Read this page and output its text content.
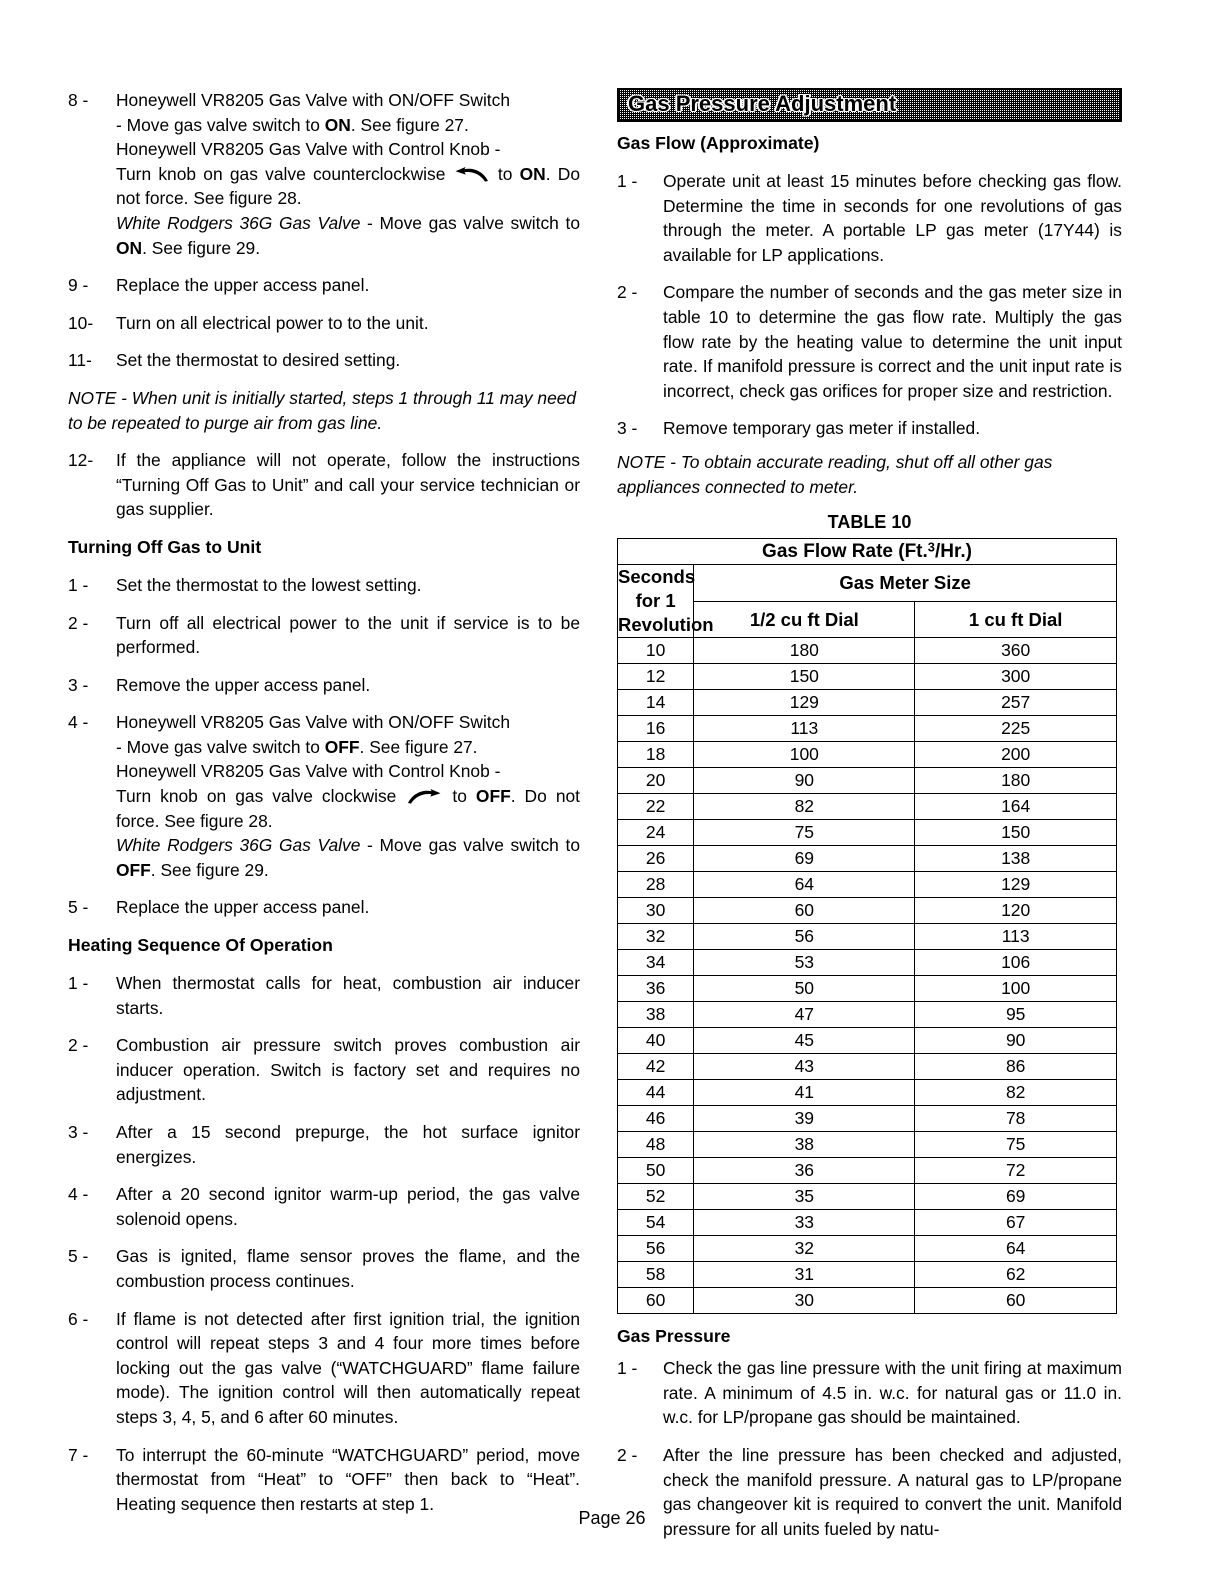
8 -	Honeywell VR8205 Gas Valve with ON/OFF Switch
- Move gas valve switch to ON. See figure 27.
Honeywell VR8205 Gas Valve with Control Knob -
Turn knob on gas valve counterclockwise
to ON. Do not force. See figure 28.
White Rodgers 36G Gas Valve - Move gas valve switch to ON. See figure 29.
9 -	Replace the upper access panel.
10-	Turn on all electrical power to to the unit.
11-	Set the thermostat to desired setting.

NOTE - When unit is initially started, steps 1 through 11 may need to be repeated to purge air from gas line.

12-	If the appliance will not operate, follow the instructions “Turning Off Gas to Unit” and call your service technician or gas supplier.
Turning Off Gas to Unit
1 -	Set the thermostat to the lowest setting.
2 -	Turn off all electrical power to the unit if service is to be performed.
3 -	Remove the upper access panel.
4 -	Honeywell VR8205 Gas Valve with ON/OFF Switch
- Move gas valve switch to OFF. See figure 27.
Honeywell VR8205 Gas Valve with Control Knob -
Turn knob on gas valve clockwise
to OFF. Do not force. See figure 28.
White Rodgers 36G Gas Valve - Move gas valve switch to OFF. See figure 29.
5 -	Replace the upper access panel.
Heating Sequence Of Operation
1 -	When thermostat calls for heat, combustion air inducer starts.
2 -	Combustion air pressure switch proves combustion air inducer operation. Switch is factory set and requires no adjustment.
3 -	After a 15 second prepurge, the hot surface ignitor energizes.
4 -	After a 20 second ignitor warm-up period, the gas valve solenoid opens.
5 -	Gas is ignited, flame sensor proves the flame, and the combustion process continues.
6 -	If flame is not detected after first ignition trial, the ignition control will repeat steps 3 and 4 four more times before locking out the gas valve (“WATCHGUARD” flame failure mode). The ignition control will then automatically repeat steps 3, 4, 5, and 6 after 60 minutes.
7 -	To interrupt the 60-minute “WATCHGUARD” period, move thermostat from “Heat” to “OFF” then back to “Heat”. Heating sequence then restarts at step 1.
Gas Pressure Adjustment
Gas Flow (Approximate)
1 -	Operate unit at least 15 minutes before checking gas flow. Determine the time in seconds for one revolutions of gas through the meter. A portable LP gas meter (17Y44) is available for LP applications.
2 -	Compare the number of seconds and the gas meter size in table 10 to determine the gas flow rate. Multiply the gas flow rate by the heating value to determine the unit input rate. If manifold pressure is correct and the unit input rate is incorrect, check gas orifices for proper size and restriction.
3 -	Remove temporary gas meter if installed.

NOTE - To obtain accurate reading, shut off all other gas appliances connected to meter.

TABLE 10
Gas Flow Rate (Ft.$^3$/Hr.)		
Seconds for 1 Revolution	Gas Meter Size	
	1/2 cu ft Dial	1 cu ft Dial
10	180	360
12	150	300
14	129	257
16	113	225
18	100	200
20	90	180
22	82	164
24	75	150
26	69	138
28	64	129
30	60	120
32	56	113
34	53	106
36	50	100
38	47	95
40	45	90
42	43	86
44	41	82
46	39	78
48	38	75
50	36	72
52	35	69
54	33	67
56	32	64
58	31	62
60	30	60
Gas Pressure
1 -	Check the gas line pressure with the unit firing at maximum rate. A minimum of 4.5 in. w.c. for natural gas or 11.0 in. w.c. for LP/propane gas should be maintained.
2 -	After the line pressure has been checked and adjusted, check the manifold pressure. A natural gas to LP/propane gas changeover kit is required to convert the unit. Manifold pressure for all units fueled by natu-
Page 26
